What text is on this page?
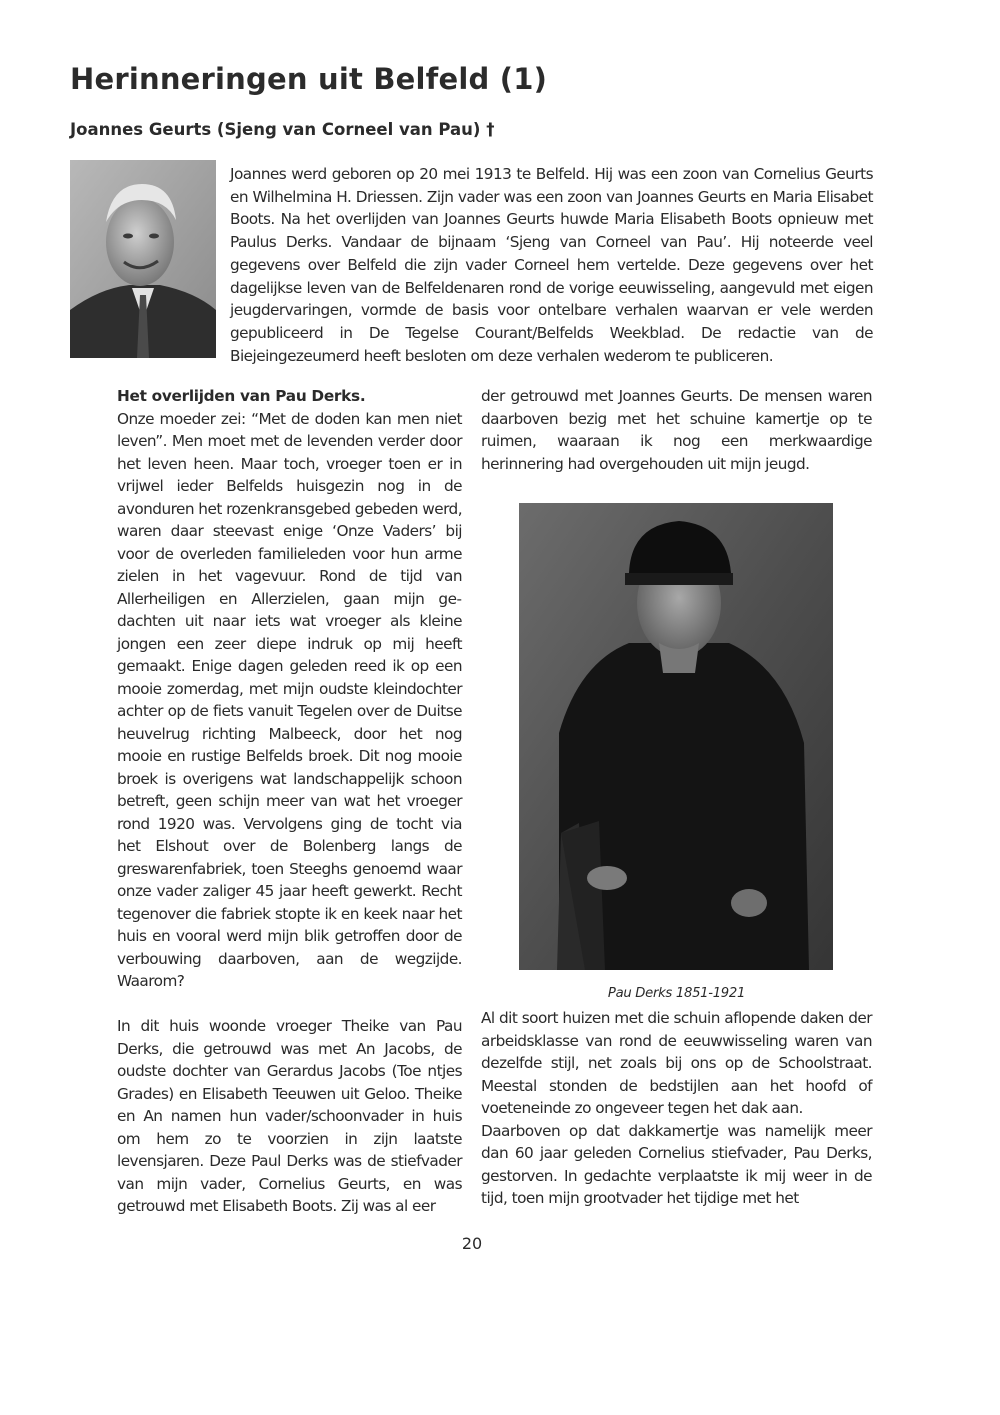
Herinneringen uit Belfeld (1)
Joannes Geurts (Sjeng van Corneel van Pau) †

Joannes werd geboren op 20 mei 1913 te Belfeld. Hij was een zoon van Cornelius Geurts en Wilhelmina H. Driessen. Zijn vader was een zoon van Joannes Geurts en Maria Elisabet Boots. Na het overlijden van Joannes Geurts huwde Maria Elisabeth Boots opnieuw met Paulus Derks. Vandaar de bijnaam ‘Sjeng van Corneel van Pau’. Hij noteerde veel gegevens over Belfeld die zijn vader Corneel hem vertelde. Deze gegevens over het dagelijkse leven van de Belfeldenaren rond de vorige eeuwisseling, aangevuld met eigen jeugdervaringen, vormde de basis voor ontelbare verhalen waarvan er vele werden gepubliceerd in De Tegelse Courant/Belfelds Weekblad. De redactie van de Biejeingezeumerd heeft besloten om deze verhalen wederom te publiceren.

Het overlijden van Pau Derks.

Onze moeder zei: “Met de doden kan men niet leven”. Men moet met de levenden verder door het leven heen. Maar toch, vroeger toen er in vrijwel ieder Belfelds huisgezin nog in de avonduren het rozenkransgebed gebeden werd, waren daar steevast enige ‘Onze Vaders’ bij voor de overleden familieleden voor hun arme zielen in het vagevuur. Rond de tijd van Allerheiligen en Allerzielen, gaan mijn gedachten uit naar iets wat vroeger als kleine jongen een zeer diepe indruk op mij heeft gemaakt. Enige dagen geleden reed ik op een mooie zomerdag, met mijn oudste kleindochter achter op de fiets vanuit Tegelen over de Duitse heuvelrug richting Malbeeck, door het nog mooie en rustige Belfelds broek. Dit nog mooie broek is overigens wat landschappelijk schoon betreft, geen schijn meer van wat het vroeger rond 1920 was. Vervolgens ging de tocht via het Elshout over de Bolenberg langs de greswarenfabriek, toen Steeghs genoemd waar onze vader zaliger 45 jaar heeft gewerkt. Recht tegenover die fabriek stopte ik en keek naar het huis en vooral werd mijn blik getroffen door de verbouwing daarboven, aan de wegzijde. Waarom?

In dit huis woonde vroeger Theike van Pau Derks, die getrouwd was met An Jacobs, de oudste dochter van Gerardus Jacobs (Toe ntjes Grades) en Elisabeth Teeuwen uit Geloo. Theike en An namen hun vader/schoonvader in huis om hem zo te voorzien in zijn laatste levensjaren. Deze Paul Derks was de stiefvader van mijn vader, Cornelius Geurts, en was getrouwd met Elisabeth Boots. Zij was al eer

der getrouwd met Joannes Geurts. De mensen waren daarboven bezig met het schuine kamertje op te ruimen, waaraan ik nog een merkwaardige herinnering had overgehouden uit mijn jeugd.

Pau Derks 1851-1921

Al dit soort huizen met die schuin aflopende daken der arbeidsklasse van rond de eeuwwisseling waren van dezelfde stijl, net zoals bij ons op de Schoolstraat. Meestal stonden de bedstijlen aan het hoofd of voeteneinde zo ongeveer tegen het dak aan.

Daarboven op dat dakkamertje was namelijk meer dan 60 jaar geleden Cornelius stiefvader, Pau Derks, gestorven. In gedachte verplaatste ik mij weer in de tijd, toen mijn grootvader het tijdige met het

20
